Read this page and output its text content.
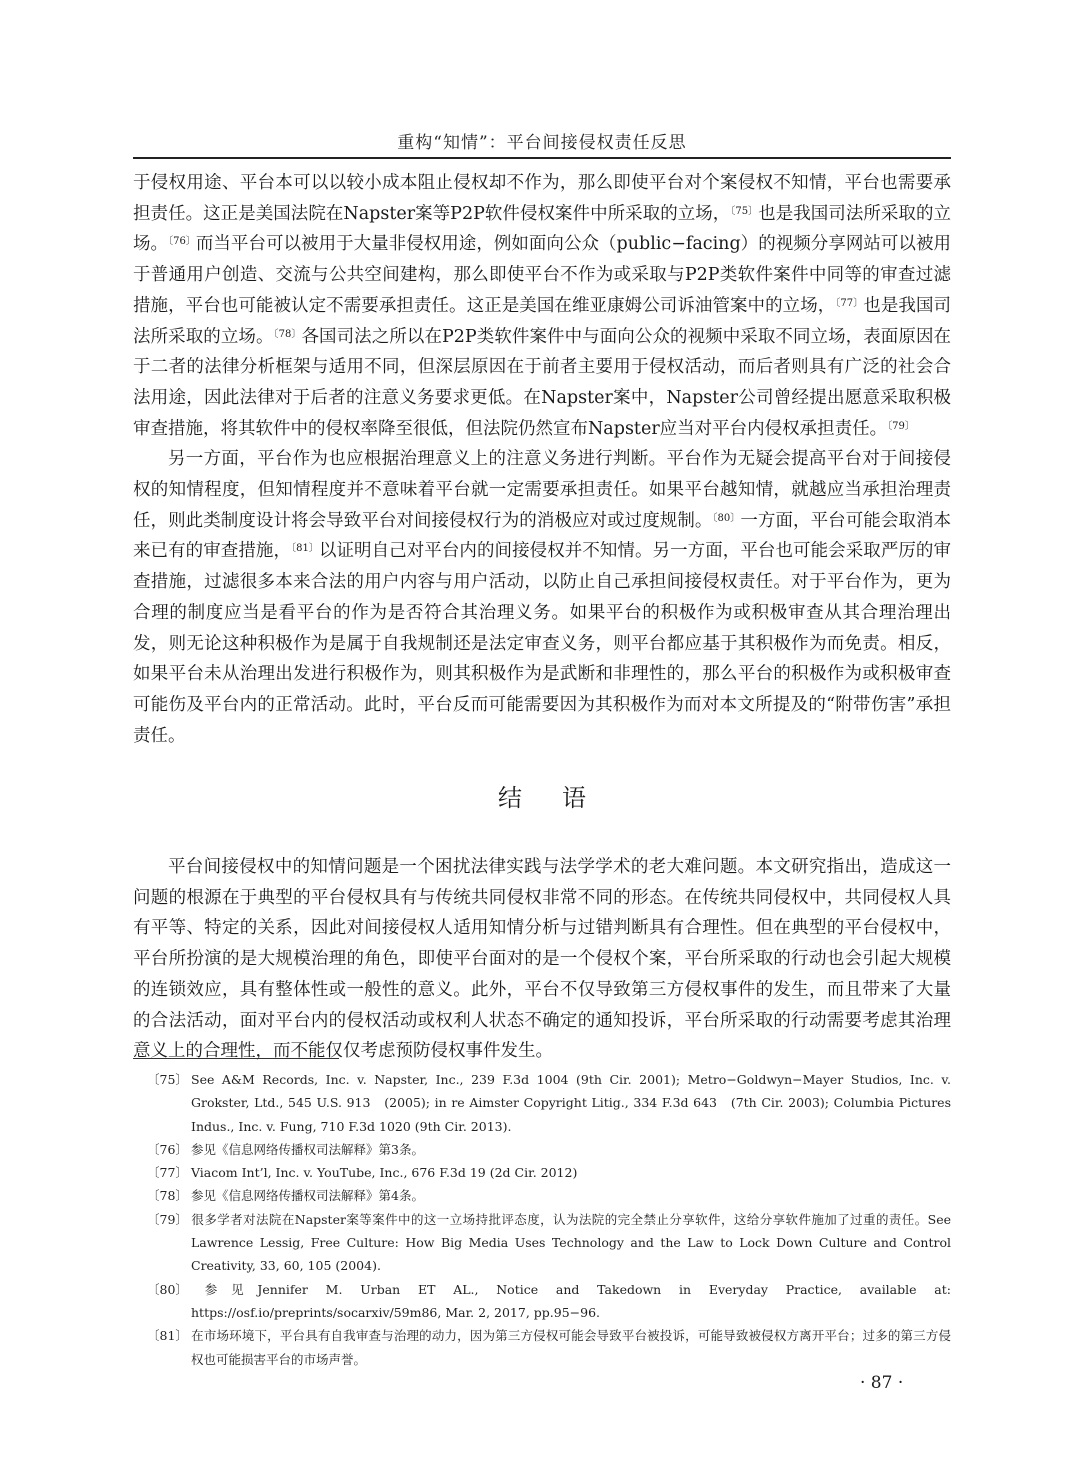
重构“知情”：平台间接侵权责任反思

于侵权用途、平台本可以以较小成本阻止侵权却不作为，那么即使平台对个案侵权不知情，平台也需要承担责任。这正是美国法院在Napster案等P2P软件侵权案件中所采取的立场，$^{〔75〕}$也是我国司法所采取的立场。$^{〔76〕}$而当平台可以被用于大量非侵权用途，例如面向公众（public−facing）的视频分享网站可以被用于普通用户创造、交流与公共空间建构，那么即使平台不作为或采取与P2P类软件案件中同等的审查过滤措施，平台也可能被认定不需要承担责任。这正是美国在维亚康姆公司诉油管案中的立场，$^{〔77〕}$也是我国司法所采取的立场。$^{〔78〕}$各国司法之所以在P2P类软件案件中与面向公众的视频中采取不同立场，表面原因在于二者的法律分析框架与适用不同，但深层原因在于前者主要用于侵权活动，而后者则具有广泛的社会合法用途，因此法律对于后者的注意义务要求更低。在Napster案中，Napster公司曾经提出愿意采取积极审查措施，将其软件中的侵权率降至很低，但法院仍然宣布Napster应当对平台内侵权承担责任。$^{〔79〕}$

另一方面，平台作为也应根据治理意义上的注意义务进行判断。平台作为无疑会提高平台对于间接侵权的知情程度，但知情程度并不意味着平台就一定需要承担责任。如果平台越知情，就越应当承担治理责任，则此类制度设计将会导致平台对间接侵权行为的消极应对或过度规制。$^{〔80〕}$一方面，平台可能会取消本来已有的审查措施，$^{〔81〕}$以证明自己对平台内的间接侵权并不知情。另一方面，平台也可能会采取严厉的审查措施，过滤很多本来合法的用户内容与用户活动，以防止自己承担间接侵权责任。对于平台作为，更为合理的制度应当是看平台的作为是否符合其治理义务。如果平台的积极作为或积极审查从其合理治理出发，则无论这种积极作为是属于自我规制还是法定审查义务，则平台都应基于其积极作为而免责。相反，如果平台未从治理出发进行积极作为，则其积极作为是武断和非理性的，那么平台的积极作为或积极审查可能伤及平台内的正常活动。此时，平台反而可能需要因为其积极作为而对本文所提及的“附带伤害”承担责任。

结语

平台间接侵权中的知情问题是一个困扰法律实践与法学学术的老大难问题。本文研究指出，造成这一问题的根源在于典型的平台侵权具有与传统共同侵权非常不同的形态。在传统共同侵权中，共同侵权人具有平等、特定的关系，因此对间接侵权人适用知情分析与过错判断具有合理性。但在典型的平台侵权中，平台所扮演的是大规模治理的角色，即使平台面对的是一个侵权个案，平台所采取的行动也会引起大规模的连锁效应，具有整体性或一般性的意义。此外，平台不仅导致第三方侵权事件的发生，而且带来了大量的合法活动，面对平台内的侵权活动或权利人状态不确定的通知投诉，平台所采取的行动需要考虑其治理意义上的合理性，而不能仅仅考虑预防侵权事件发生。

〔75〕 See A&M Records, Inc. v. Napster, Inc., 239 F.3d 1004 (9th Cir. 2001); Metro−Goldwyn−Mayer Studios, Inc. v. Grokster, Ltd., 545 U.S. 913　(2005); in re Aimster Copyright Litig., 334 F.3d 643　(7th Cir. 2003); Columbia Pictures Indus., Inc. v. Fung, 710 F.3d 1020 (9th Cir. 2013).

〔76〕 参见《信息网络传播权司法解释》第3条。

〔77〕 Viacom Int’l, Inc. v. YouTube, Inc., 676 F.3d 19 (2d Cir. 2012)

〔78〕 参见《信息网络传播权司法解释》第4条。

〔79〕 很多学者对法院在Napster案等案件中的这一立场持批评态度，认为法院的完全禁止分享软件，这给分享软件施加了过重的责任。See Lawrence Lessig, Free Culture: How Big Media Uses Technology and the Law to Lock Down Culture and Control Creativity, 33, 60, 105 (2004).

〔80〕 参见Jennifer M. Urban ET AL., Notice and Takedown in Everyday Practice, available at: https://osf.io/preprints/socarxiv/59m86, Mar. 2, 2017, pp.95−96.

〔81〕 在市场环境下，平台具有自我审查与治理的动力，因为第三方侵权可能会导致平台被投诉，可能导致被侵权方离开平台；过多的第三方侵权也可能损害平台的市场声誉。

· 87 ·
